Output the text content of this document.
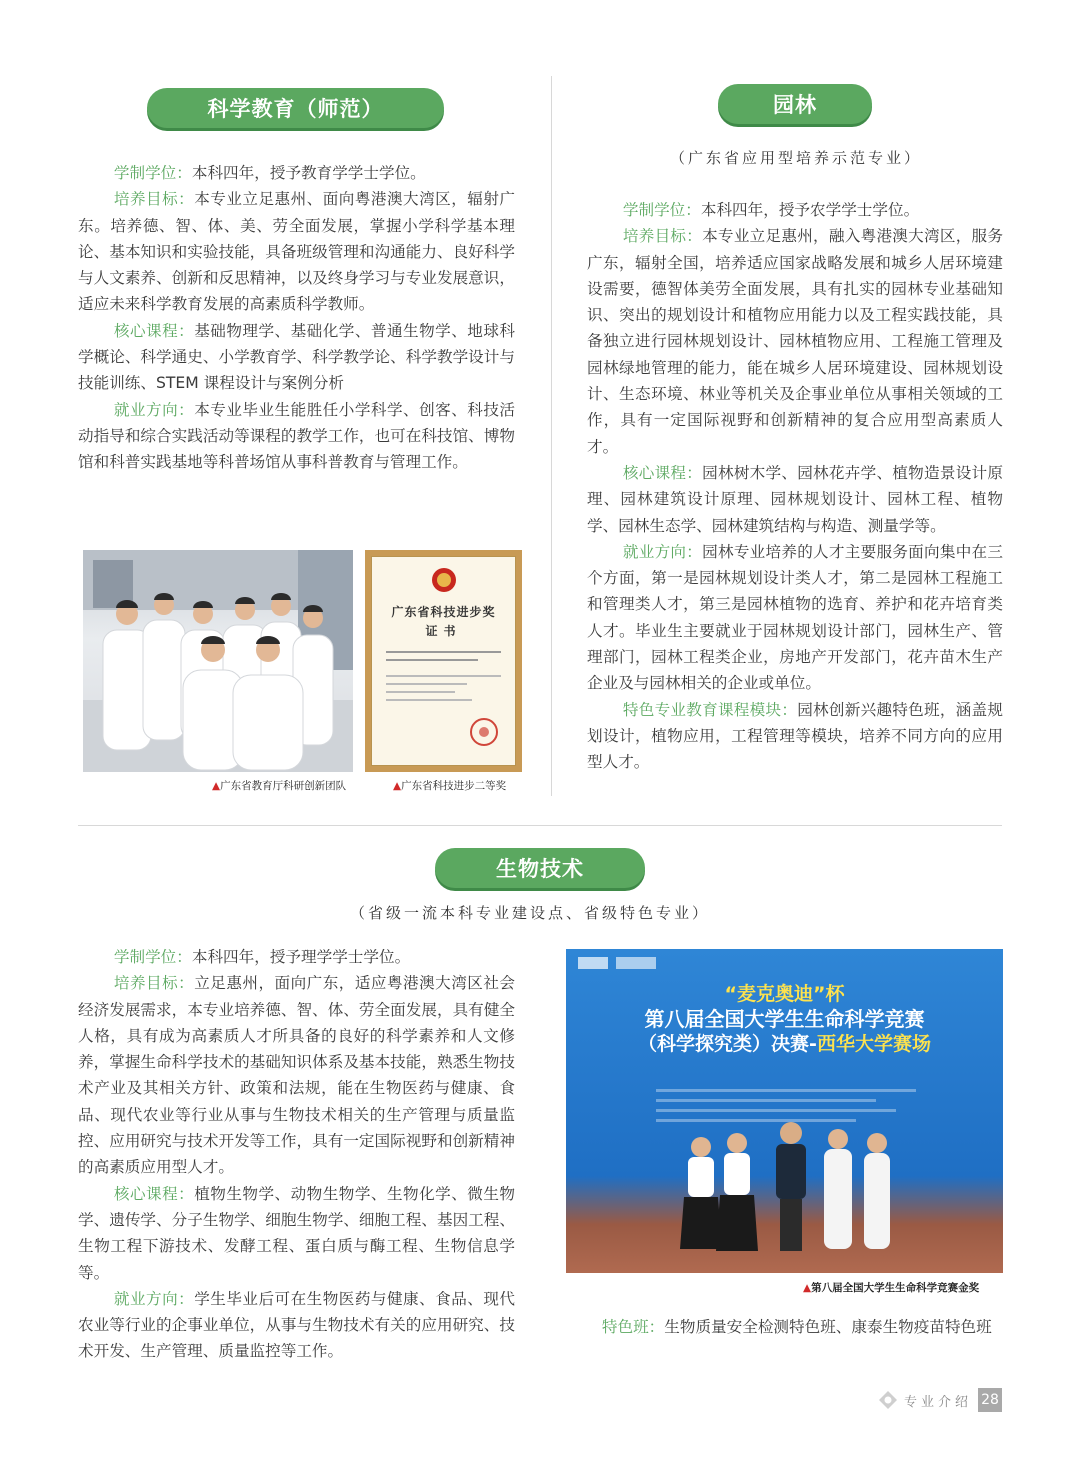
科学教育（师范）

学制学位：本科四年，授予教育学学士学位。

培养目标：本专业立足惠州、面向粤港澳大湾区，辐射广东。培养德、智、体、美、劳全面发展，掌握小学科学基本理论、基本知识和实验技能，具备班级管理和沟通能力、良好科学与人文素养、创新和反思精神，以及终身学习与专业发展意识，适应未来科学教育发展的高素质科学教师。

核心课程：基础物理学、基础化学、普通生物学、地球科学概论、科学通史、小学教育学、科学教学论、科学教学设计与技能训练、STEM 课程设计与案例分析

就业方向：本专业毕业生能胜任小学科学、创客、科技活动指导和综合实践活动等课程的教学工作，也可在科技馆、博物馆和科普实践基地等科普场馆从事科普教育与管理工作。

广东省科技进步奖
证书
▲广东省教育厅科研创新团队	▲广东省科技进步二等奖
园林
（广东省应用型培养示范专业）

学制学位：本科四年，授予农学学士学位。

培养目标：本专业立足惠州，融入粤港澳大湾区，服务广东，辐射全国，培养适应国家战略发展和城乡人居环境建设需要，德智体美劳全面发展，具有扎实的园林专业基础知识、突出的规划设计和植物应用能力以及工程实践技能，具备独立进行园林规划设计、园林植物应用、工程施工管理及园林绿地管理的能力，能在城乡人居环境建设、园林规划设计、生态环境、林业等机关及企事业单位从事相关领域的工作，具有一定国际视野和创新精神的复合应用型高素质人才。

核心课程：园林树木学、园林花卉学、植物造景设计原理、园林建筑设计原理、园林规划设计、园林工程、植物学、园林生态学、园林建筑结构与构造、测量学等。

就业方向：园林专业培养的人才主要服务面向集中在三个方面，第一是园林规划设计类人才，第二是园林工程施工和管理类人才，第三是园林植物的选育、养护和花卉培育类人才。毕业生主要就业于园林规划设计部门，园林生产、管理部门，园林工程类企业，房地产开发部门，花卉苗木生产企业及与园林相关的企业或单位。

特色专业教育课程模块：园林创新兴趣特色班，涵盖规划设计，植物应用，工程管理等模块，培养不同方向的应用型人才。

生物技术
（省级一流本科专业建设点、省级特色专业）

学制学位：本科四年，授予理学学士学位。

培养目标：立足惠州，面向广东，适应粤港澳大湾区社会经济发展需求，本专业培养德、智、体、劳全面发展，具有健全人格，具有成为高素质人才所具备的良好的科学素养和人文修养，掌握生命科学技术的基础知识体系及基本技能，熟悉生物技术产业及其相关方针、政策和法规，能在生物医药与健康、食品、现代农业等行业从事与生物技术相关的生产管理与质量监控、应用研究与技术开发等工作，具有一定国际视野和创新精神的高素质应用型人才。

核心课程：植物生物学、动物生物学、生物化学、微生物学、遗传学、分子生物学、细胞生物学、细胞工程、基因工程、生物工程下游技术、发酵工程、蛋白质与酶工程、生物信息学等。

就业方向：学生毕业后可在生物医药与健康、食品、现代农业等行业的企事业单位，从事与生物技术有关的应用研究、技术开发、生产管理、质量监控等工作。

“麦克奥迪”杯
第八届全国大学生生命科学竞赛
（科学探究类）决赛-西华大学赛场
▲第八届全国大学生生命科学竞赛金奖

特色班：生物质量安全检测特色班、康泰生物疫苗特色班

专业介绍 28
